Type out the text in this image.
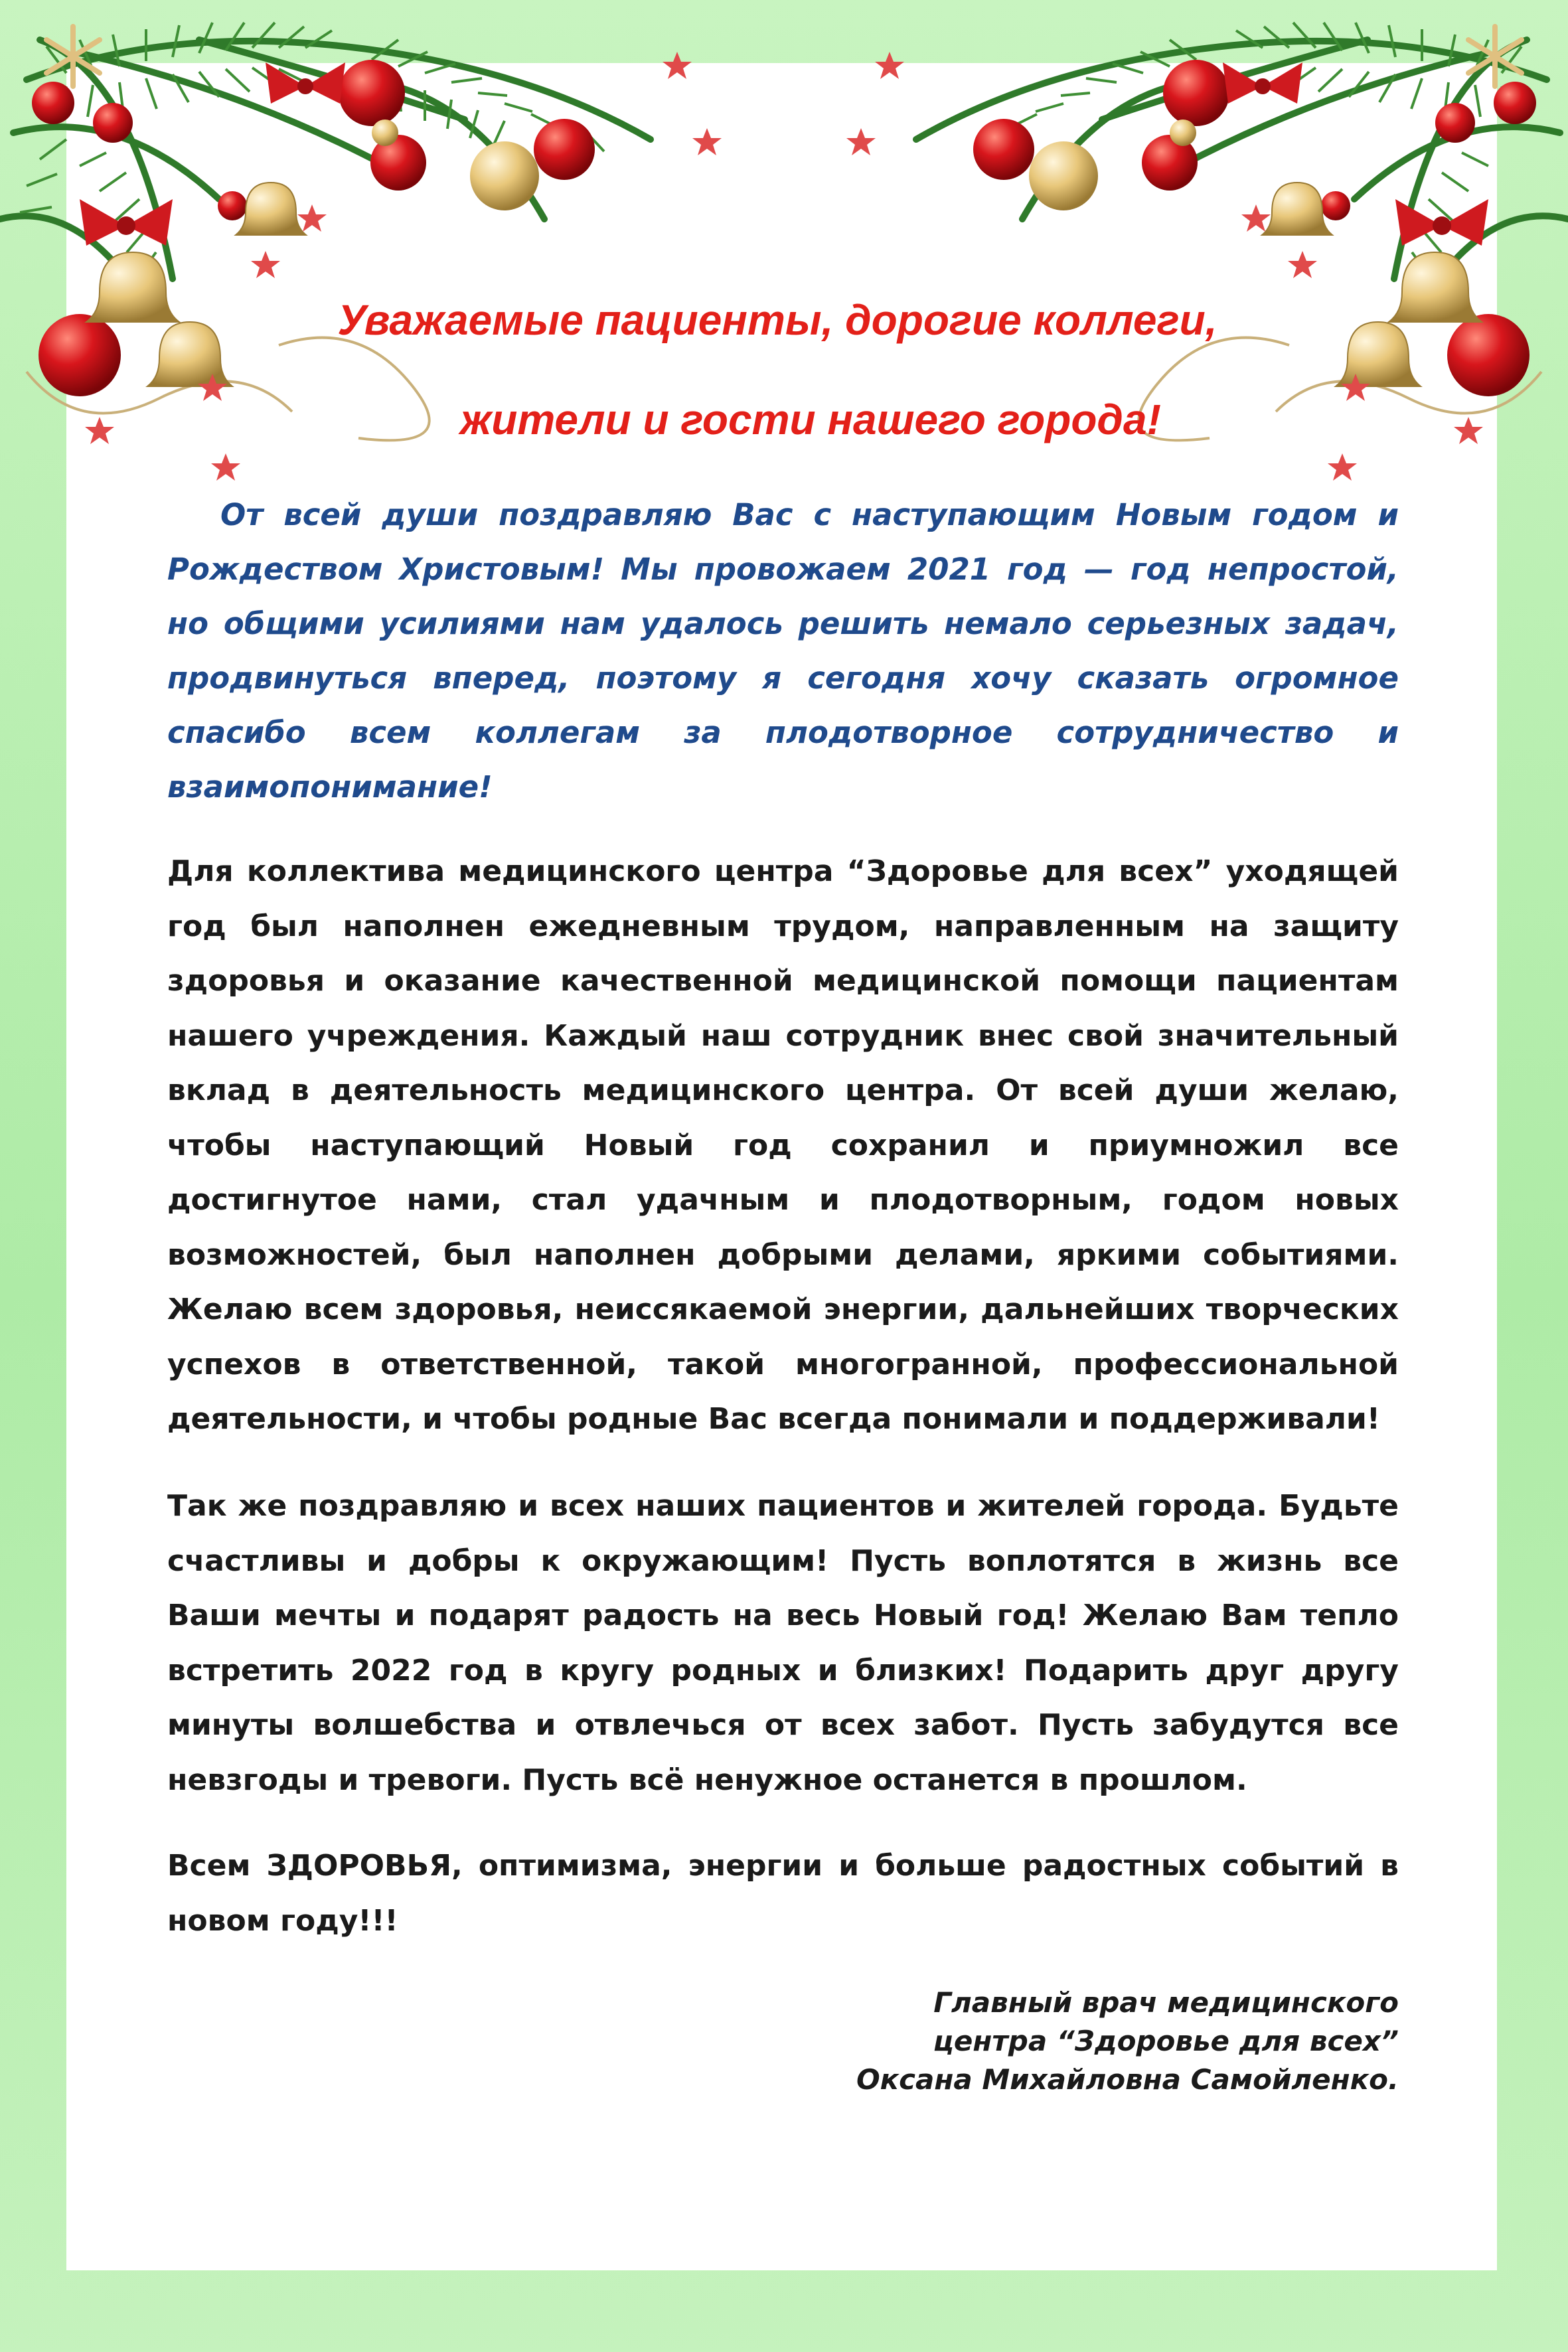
Уважаемые пациенты, дорогие коллеги,
жители и гости нашего города!

От всей души поздравляю Вас с наступающим Новым годом и Рождеством Христовым! Мы провожаем 2021 год — год непростой, но общими усилиями нам удалось решить немало серьезных задач, продвинуться вперед, поэтому я сегодня хочу сказать огромное спасибо всем коллегам за плодотворное сотрудничество и взаимопонимание!

Для коллектива медицинского центра “Здоровье для всех” уходящей год был наполнен ежедневным трудом, направленным на защиту здоровья и оказание качественной медицинской помощи пациентам нашего учреждения. Каждый наш сотрудник внес свой значительный вклад в деятельность медицинского центра. От всей души желаю, чтобы наступающий Новый год сохранил и приумножил все достигнутое нами, стал удачным и плодотворным, годом новых возможностей, был наполнен добрыми делами, яркими событиями. Желаю всем здоровья, неиссякаемой энергии, дальнейших творческих успехов в ответственной, такой многогранной, профессиональной деятельности, и чтобы родные Вас всегда понимали и поддерживали!

Так же поздравляю и всех наших пациентов и жителей города. Будьте счастливы и добры к окружающим! Пусть воплотятся в жизнь все Ваши мечты и подарят радость на весь Новый год! Желаю Вам тепло встретить 2022 год в кругу родных и близких! Подарить друг другу минуты волшебства и отвлечься от всех забот. Пусть забудутся все невзгоды и тревоги. Пусть всё ненужное останется в прошлом.

Всем ЗДОРОВЬЯ, оптимизма, энергии и больше радостных событий в новом году!!!

Главный врач медицинского
центра “Здоровье для всех”
Оксана Михайловна Самойленко.
